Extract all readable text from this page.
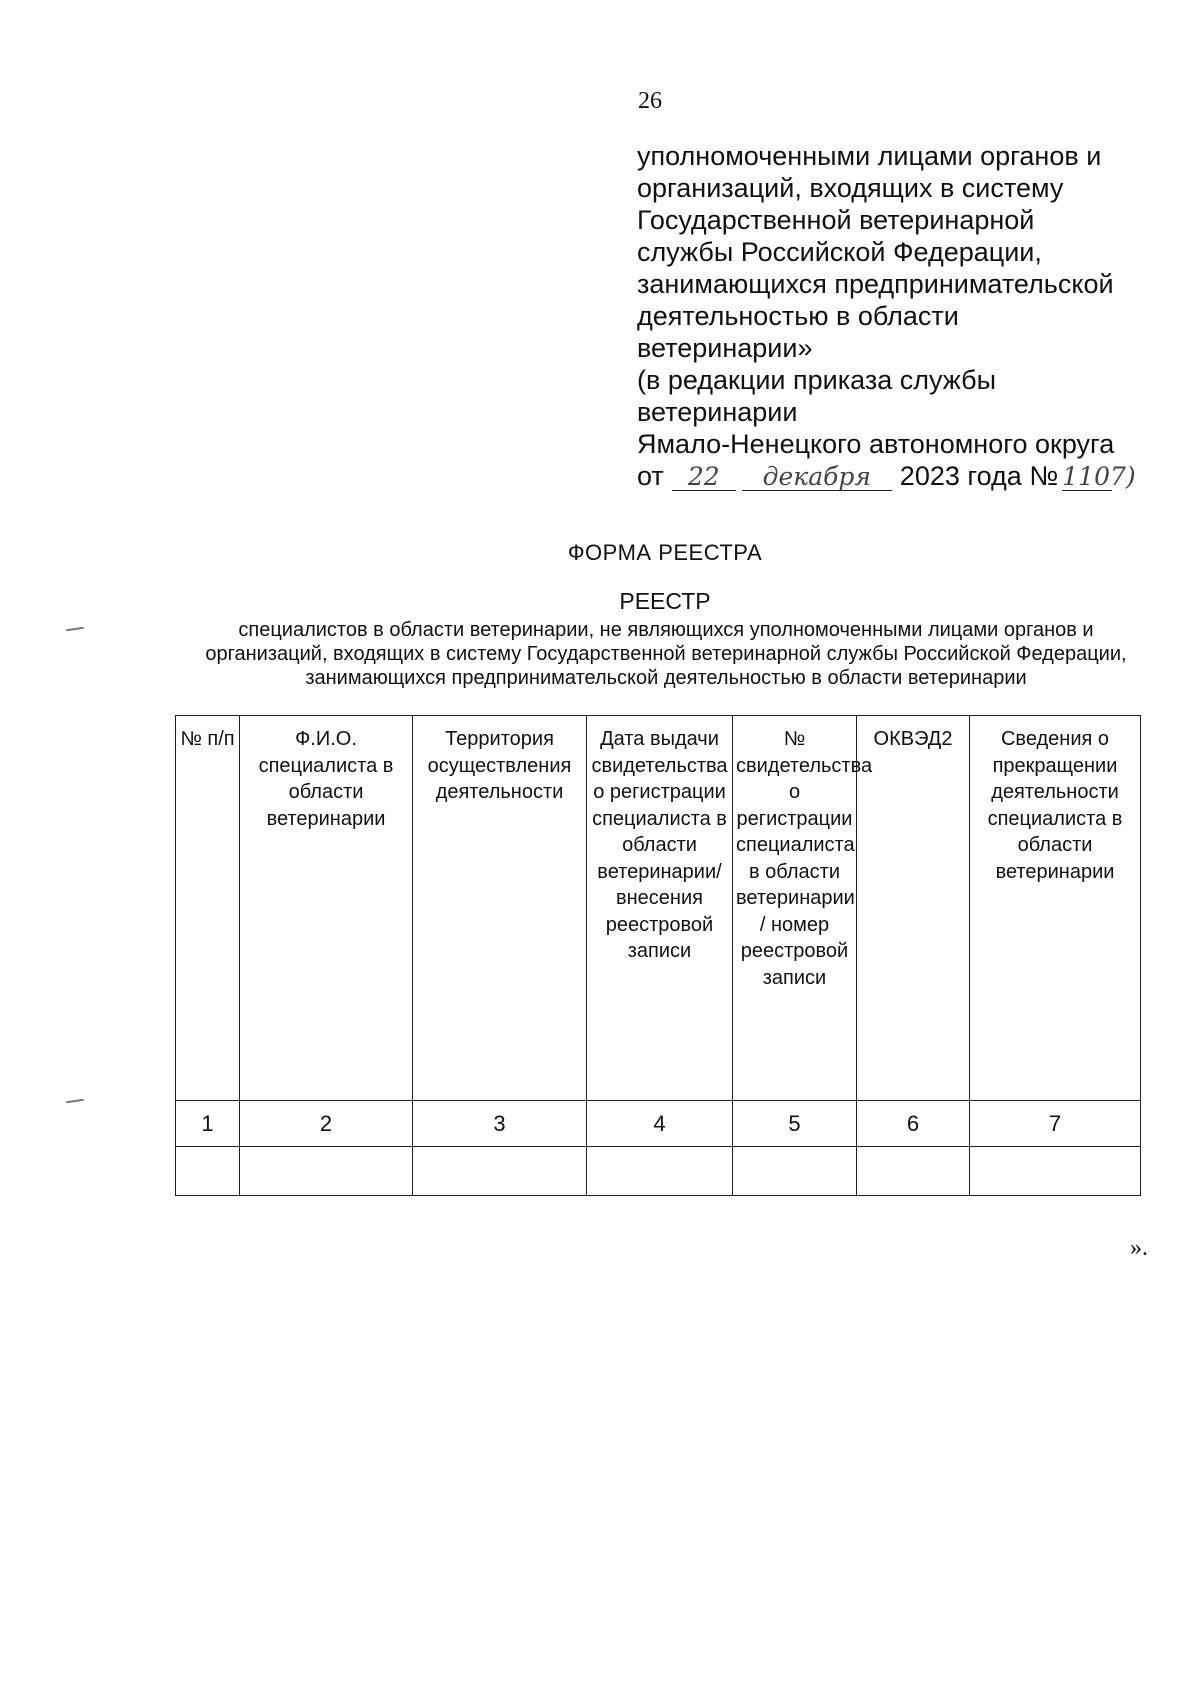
26
уполномоченными лицами органов и
организаций, входящих в систему
Государственной ветеринарной
службы Российской Федерации,
занимающихся предпринимательской
деятельностью в области
ветеринарии»
(в редакции приказа службы
ветеринарии
Ямало-Ненецкого автономного округа
от 22	декабря	2023 года № 1107)
ФОРМА РЕЕСТРА
РЕЕСТР
специалистов в области ветеринарии, не являющихся уполномоченными лицами органов и организаций, входящих в систему Государственной ветеринарной службы Российской Федерации, занимающихся предпринимательской деятельностью в области ветеринарии
№ п/п	Ф.И.О. специалиста в области ветеринарии	Территория осуществления деятельности	Дата выдачи свидетельства о регистрации специалиста в области ветеринарии/ внесения реестровой записи	№ свидетельства о регистрации специалиста в области ветеринарии / номер реестровой записи	ОКВЭД2	Сведения о прекращении деятельности специалиста в области ветеринарии
1	2	3	4	5	6	7

».
